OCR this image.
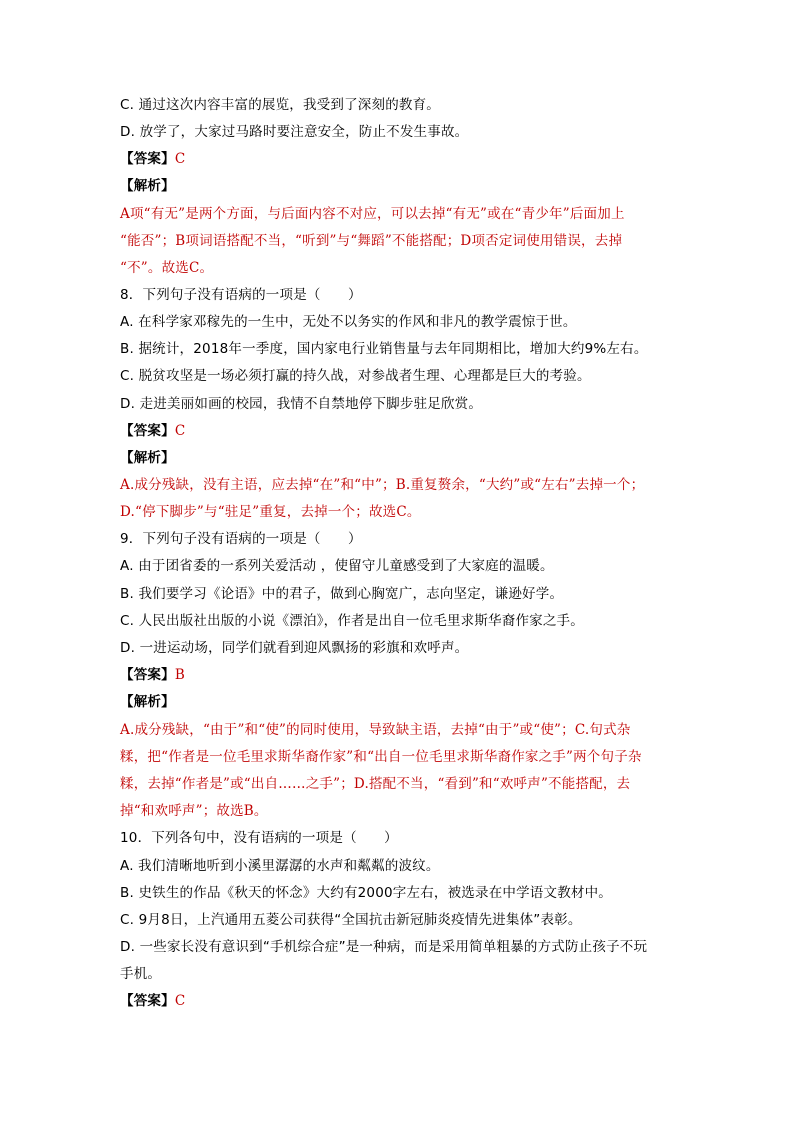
C. 通过这次内容丰富的展览，我受到了深刻的教育。

D. 放学了，大家过马路时要注意安全，防止不发生事故。

【答案】C

【解析】

A项“有无”是两个方面，与后面内容不对应，可以去掉“有无”或在“青少年”后面加上

“能否”；B项词语搭配不当，“听到”与“舞蹈”不能搭配；D项否定词使用错误，去掉

“不”。故选C。

8．下列句子没有语病的一项是（　　）

A. 在科学家邓稼先的一生中，无处不以务实的作风和非凡的教学震惊于世。

B. 据统计，2018年一季度，国内家电行业销售量与去年同期相比，增加大约9%左右。

C. 脱贫攻坚是一场必须打赢的持久战，对参战者生理、心理都是巨大的考验。

D. 走进美丽如画的校园，我情不自禁地停下脚步驻足欣赏。

【答案】C

【解析】

A.成分残缺，没有主语，应去掉“在”和“中”；B.重复赘余，“大约”或“左右”去掉一个；

D.“停下脚步”与“驻足”重复，去掉一个；故选C。

9．下列句子没有语病的一项是（　　）

A. 由于团省委的一系列关爱活动 ，使留守儿童感受到了大家庭的温暖。

B. 我们要学习《论语》中的君子，做到心胸宽广，志向坚定，谦逊好学。

C. 人民出版社出版的小说《漂泊》，作者是出自一位毛里求斯华裔作家之手。

D. 一进运动场，同学们就看到迎风飘扬的彩旗和欢呼声。

【答案】B

【解析】

A.成分残缺，“由于”和“使”的同时使用，导致缺主语，去掉“由于”或“使”；C.句式杂

糅，把“作者是一位毛里求斯华裔作家”和“出自一位毛里求斯华裔作家之手”两个句子杂

糅，去掉“作者是”或“出自……之手”；D.搭配不当，“看到”和“欢呼声”不能搭配，去

掉“和欢呼声”；故选B。

10．下列各句中，没有语病的一项是（　　）

A. 我们清晰地听到小溪里潺潺的水声和粼粼的波纹。

B. 史铁生的作品《秋天的怀念》大约有2000字左右，被选录在中学语文教材中。

C. 9月8日，上汽通用五菱公司获得“全国抗击新冠肺炎疫情先进集体”表彰。

D. 一些家长没有意识到“手机综合症”是一种病，而是采用简单粗暴的方式防止孩子不玩

手机。

【答案】C
